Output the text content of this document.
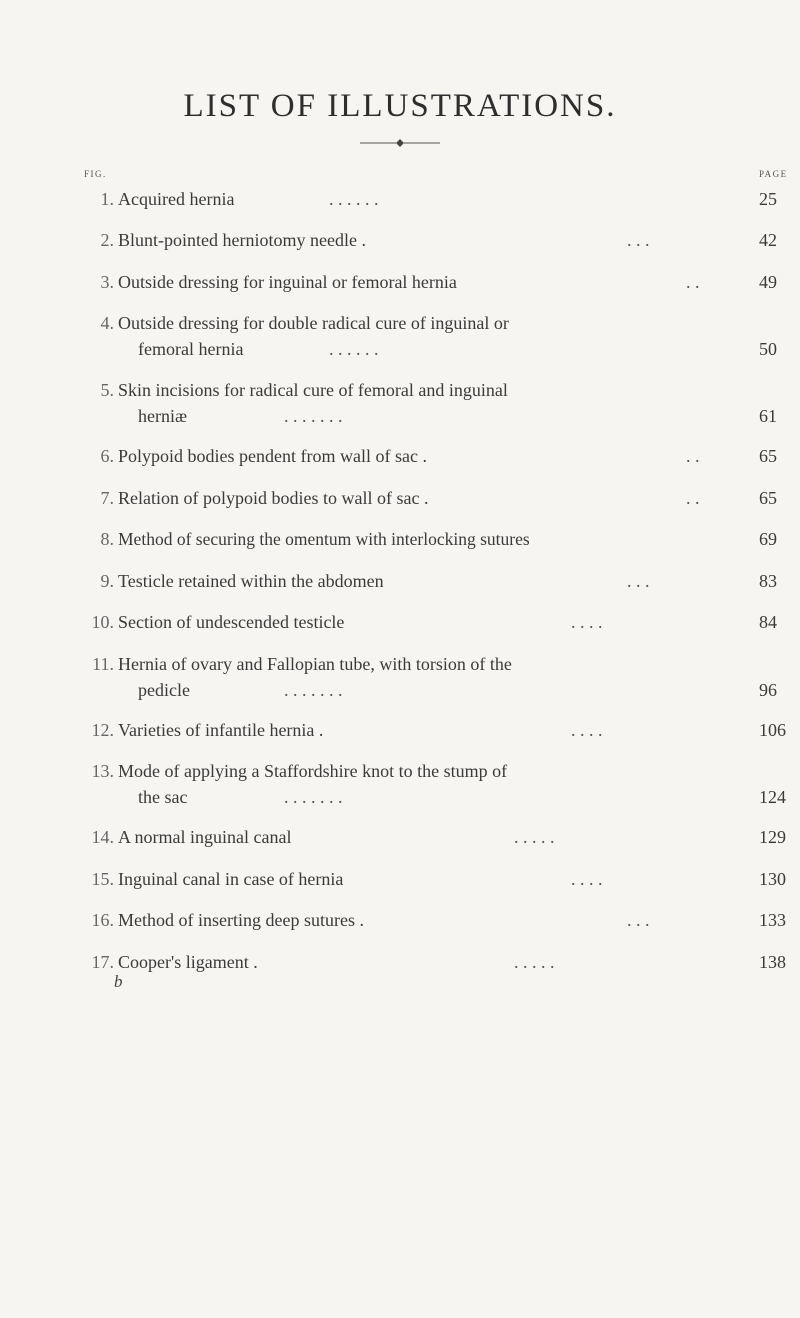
LIST OF ILLUSTRATIONS.
FIG.	PAGE
1. Acquired hernia	. . . . . .	25
2. Blunt-pointed herniotomy needle .	. . .	42
3. Outside dressing for inguinal or femoral hernia	. .	49
4. Outside dressing for double radical cure of inguinal or
femoral hernia	. . . . . .	50
5. Skin incisions for radical cure of femoral and inguinal
herniæ	. . . . . . .	61
6. Polypoid bodies pendent from wall of sac .	. .	65
7. Relation of polypoid bodies to wall of sac .	. .	65
8. Method of securing the omentum with interlocking sutures	69
9. Testicle retained within the abdomen	. . .	83
10. Section of undescended testicle	. . . .	84
11. Hernia of ovary and Fallopian tube, with torsion of the
pedicle	. . . . . . .	96
12. Varieties of infantile hernia .	. . . .	106
13. Mode of applying a Staffordshire knot to the stump of
the sac	. . . . . . .	124
14. A normal inguinal canal	. . . . .	129
15. Inguinal canal in case of hernia	. . . .	130
16. Method of inserting deep sutures .	. . .	133
17. Cooper's ligament .	. . . . .	138
b
